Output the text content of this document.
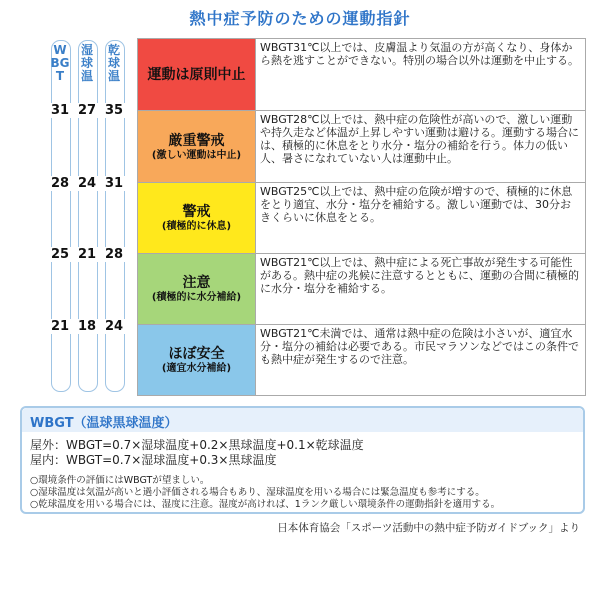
熱中症予防のための運動指針
WBGT
湿球温
乾球温
31 27 35
28 24 31
25 21 28
21 18 24
運動は原則中止
WBGT31℃以上では、皮膚温より気温の方が高くなり、身体から熱を逃すことができない。特別の場合以外は運動を中止する。
厳重警戒
(激しい運動は中止)
WBGT28℃以上では、熱中症の危険性が高いので、激しい運動や持久走など体温が上昇しやすい運動は避ける。運動する場合には、積極的に休息をとり水分・塩分の補給を行う。体力の低い人、暑さになれていない人は運動中止。
警戒
(積極的に休息)
WBGT25℃以上では、熱中症の危険が増すので、積極的に休息をとり適宜、水分・塩分を補給する。激しい運動では、30分おきくらいに休息をとる。
注意
(積極的に水分補給)
WBGT21℃以上では、熱中症による死亡事故が発生する可能性がある。熱中症の兆候に注意するとともに、運動の合間に積極的に水分・塩分を補給する。
ほぼ安全
(適宜水分補給)
WBGT21℃未満では、通常は熱中症の危険は小さいが、適宜水分・塩分の補給は必要である。市民マラソンなどではこの条件でも熱中症が発生するので注意。
WBGT（温球黒球温度）
屋外：WBGT=0.7×湿球温度+0.2×黒球温度+0.1×乾球温度
屋内：WBGT=0.7×湿球温度+0.3×黒球温度
○環境条件の評価にはWBGTが望ましい。
○湿球温度は気温が高いと過小評価される場合もあり、湿球温度を用いる場合には緊急温度も参考にする。
○乾球温度を用いる場合には、湿度に注意。湿度が高ければ、1ランク厳しい環境条件の運動指針を適用する。
日本体育協会「スポーツ活動中の熱中症予防ガイドブック」より
